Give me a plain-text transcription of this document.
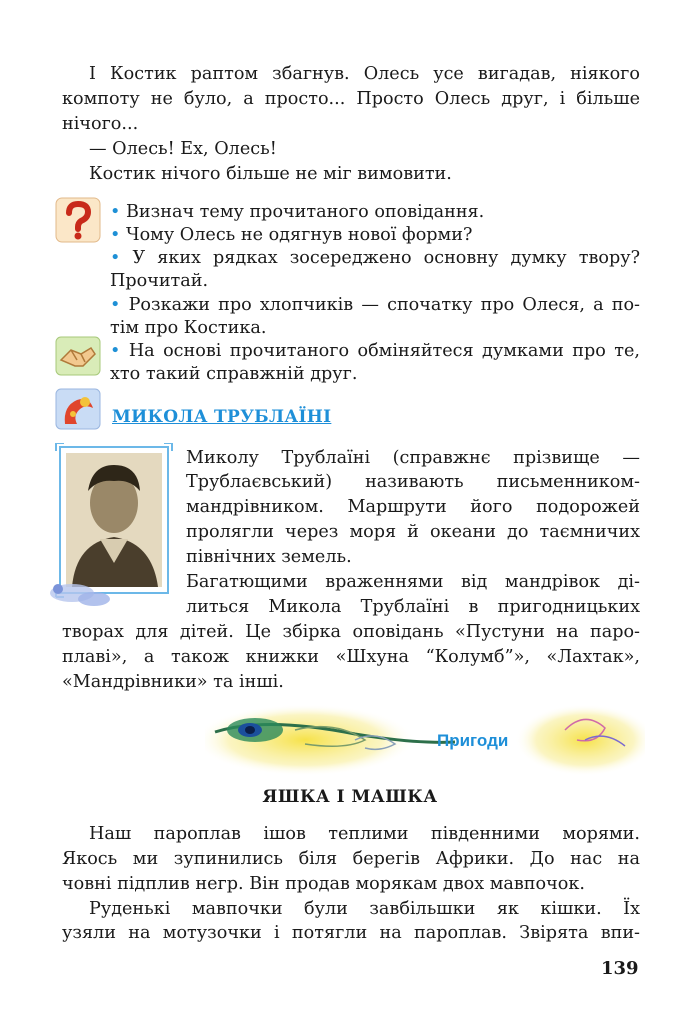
І Костик раптом збагнув. Олесь усе вигадав, ніякого
компоту не було, а просто... Просто Олесь друг, і більше
нічого...
— Олесь! Ех, Олесь!
Костик нічого більше не міг вимовити.
• Визнач тему прочитаного оповідання.
• Чому Олесь не одягнув нової форми?
• У яких рядках зосереджено основну думку твору?
Прочитай.
• Розкажи про хлопчиків — спочатку про Олеся, а по-
тім про Костика.
• На основі прочитаного обміняйтеся думками про те,
хто такий справжній друг.
МИКОЛА ТРУБЛАЇНІ
Миколу Трублаїні (справжнє прізвище —
Трублаєвський) називають письменником-
мандрівником. Маршрути його подорожей
пролягли через моря й океани до таємничих
північних земель.
Багатющими враженнями від мандрівок ді-
литься Микола Трублаїні в пригодницьких
творах для дітей. Це збірка оповідань «Пустуни на паро-
плаві», а також книжки «Шхуна “Колумб”», «Лахтак»,
«Мандрівники» та інші.
Пригоди
ЯШКА І МАШКА
Наш пароплав ішов теплими південними морями.
Якось ми зупинились біля берегів Африки. До нас на
човні підплив негр. Він продав морякам двох мавпочок.
Руденькі мавпочки були завбільшки як кішки. Їх
узяли на мотузочки і потягли на пароплав. Звірята впи-
139
